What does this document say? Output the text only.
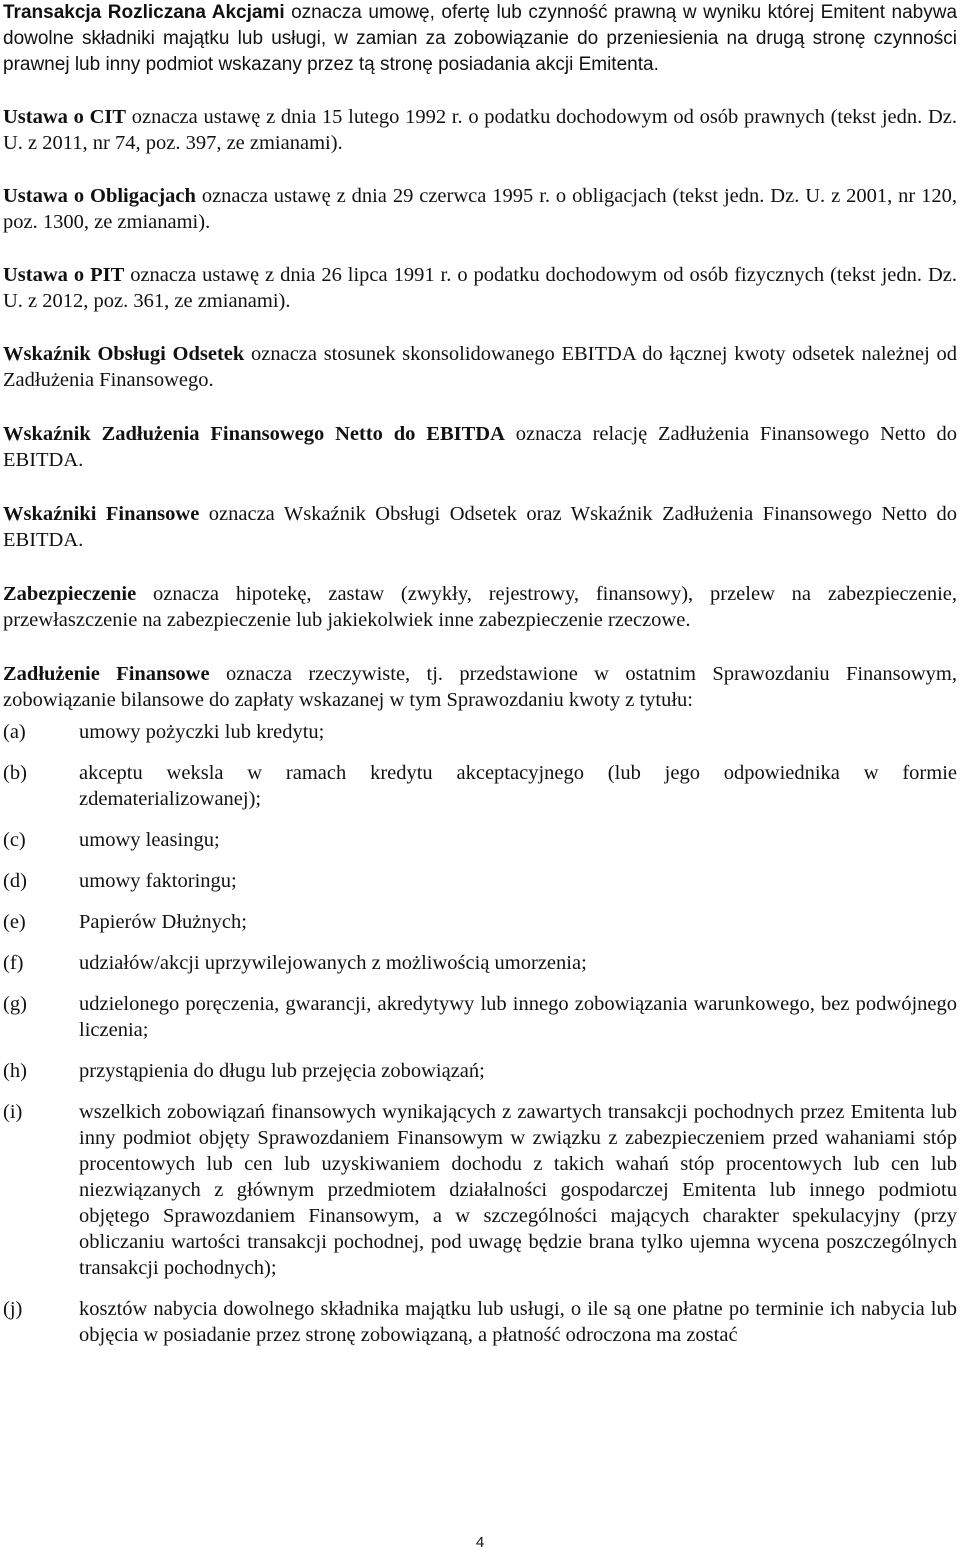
Transakcja Rozliczana Akcjami oznacza umowę, ofertę lub czynność prawną w wyniku której Emitent nabywa dowolne składniki majątku lub usługi, w zamian za zobowiązanie do przeniesienia na drugą stronę czynności prawnej lub inny podmiot wskazany przez tą stronę posiadania akcji Emitenta.

Ustawa o CIT oznacza ustawę z dnia 15 lutego 1992 r. o podatku dochodowym od osób prawnych (tekst jedn. Dz. U. z 2011, nr 74, poz. 397, ze zmianami).

Ustawa o Obligacjach oznacza ustawę z dnia 29 czerwca 1995 r. o obligacjach (tekst jedn. Dz. U. z 2001, nr 120, poz. 1300, ze zmianami).

Ustawa o PIT oznacza ustawę z dnia 26 lipca 1991 r. o podatku dochodowym od osób fizycznych (tekst jedn. Dz. U. z 2012, poz. 361, ze zmianami).

Wskaźnik Obsługi Odsetek oznacza stosunek skonsolidowanego EBITDA do łącznej kwoty odsetek należnej od Zadłużenia Finansowego.

Wskaźnik Zadłużenia Finansowego Netto do EBITDA oznacza relację Zadłużenia Finansowego Netto do EBITDA.

Wskaźniki Finansowe oznacza Wskaźnik Obsługi Odsetek oraz Wskaźnik Zadłużenia Finansowego Netto do EBITDA.

Zabezpieczenie oznacza hipotekę, zastaw (zwykły, rejestrowy, finansowy), przelew na zabezpieczenie, przewłaszczenie na zabezpieczenie lub jakiekolwiek inne zabezpieczenie rzeczowe.

Zadłużenie Finansowe oznacza rzeczywiste, tj. przedstawione w ostatnim Sprawozdaniu Finansowym, zobowiązanie bilansowe do zapłaty wskazanej w tym Sprawozdaniu kwoty z tytułu:

(a)	umowy pożyczki lub kredytu;
(b)	akceptu weksla w ramach kredytu akceptacyjnego (lub jego odpowiednika w formie zdematerializowanej);
(c)	umowy leasingu;
(d)	umowy faktoringu;
(e)	Papierów Dłużnych;
(f)	udziałów/akcji uprzywilejowanych z możliwością umorzenia;
(g)	udzielonego poręczenia, gwarancji, akredytywy lub innego zobowiązania warunkowego, bez podwójnego liczenia;
(h)	przystąpienia do długu lub przejęcia zobowiązań;
(i)	wszelkich zobowiązań finansowych wynikających z zawartych transakcji pochodnych przez Emitenta lub inny podmiot objęty Sprawozdaniem Finansowym w związku z zabezpieczeniem przed wahaniami stóp procentowych lub cen lub uzyskiwaniem dochodu z takich wahań stóp procentowych lub cen lub niezwiązanych z głównym przedmiotem działalności gospodarczej Emitenta lub innego podmiotu objętego Sprawozdaniem Finansowym, a w szczególności mających charakter spekulacyjny (przy obliczaniu wartości transakcji pochodnej, pod uwagę będzie brana tylko ujemna wycena poszczególnych transakcji pochodnych);
(j)	kosztów nabycia dowolnego składnika majątku lub usługi, o ile są one płatne po terminie ich nabycia lub objęcia w posiadanie przez stronę zobowiązaną, a płatność odroczona ma zostać
4
